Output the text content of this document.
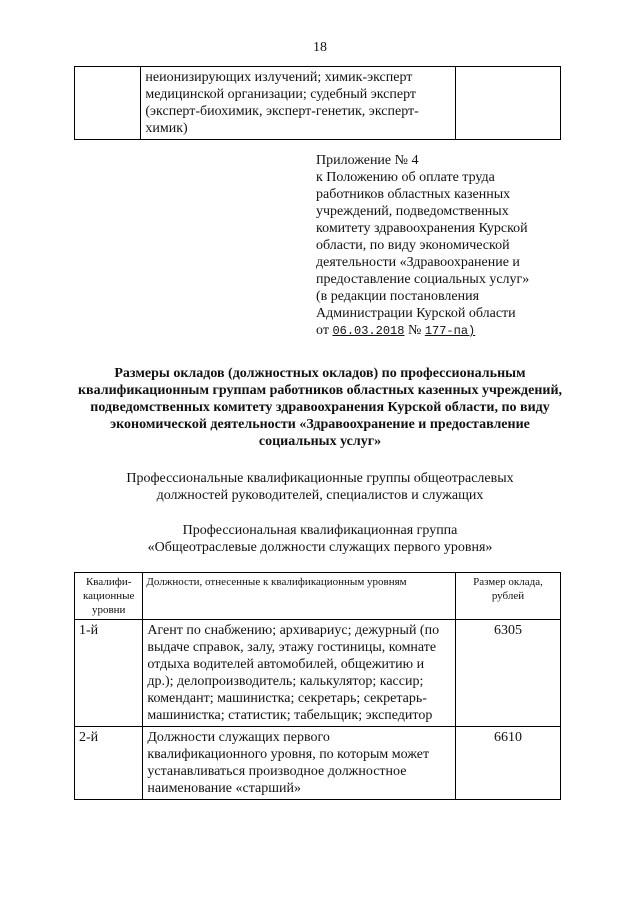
18
	неионизирующих излучений; химик-эксперт медицинской организации; судебный эксперт (эксперт-биохимик, эксперт-генетик, эксперт-химик)	
Приложение № 4
к Положению об оплате труда
работников областных казенных
учреждений, подведомственных
комитету здравоохранения Курской
области, по виду экономической
деятельности «Здравоохранение и
предоставление социальных услуг»
(в редакции постановления
Администрации Курской области
от 06.03.2018 № 177-па)
Размеры окладов (должностных окладов) по профессиональным квалификационным группам работников областных казенных учреждений, подведомственных комитету здравоохранения Курской области, по виду экономической деятельности «Здравоохранение и предоставление социальных услуг»
Профессиональные квалификационные группы общеотраслевых
должностей руководителей, специалистов и служащих
Профессиональная квалификационная группа
«Общеотраслевые должности служащих первого уровня»
Квалифи-кационные уровни	Должности, отнесенные к квалификационным уровням	Размер оклада, рублей
1-й	Агент по снабжению; архивариус; дежурный (по выдаче справок, залу, этажу гостиницы, комнате отдыха водителей автомобилей, общежитию и др.); делопроизводитель; калькулятор; кассир; комендант; машинистка; секретарь; секретарь-машинистка; статистик; табельщик; экспедитор	6305
2-й	Должности служащих первого квалификационного уровня, по которым может устанавливаться производное должностное наименование «старший»	6610
